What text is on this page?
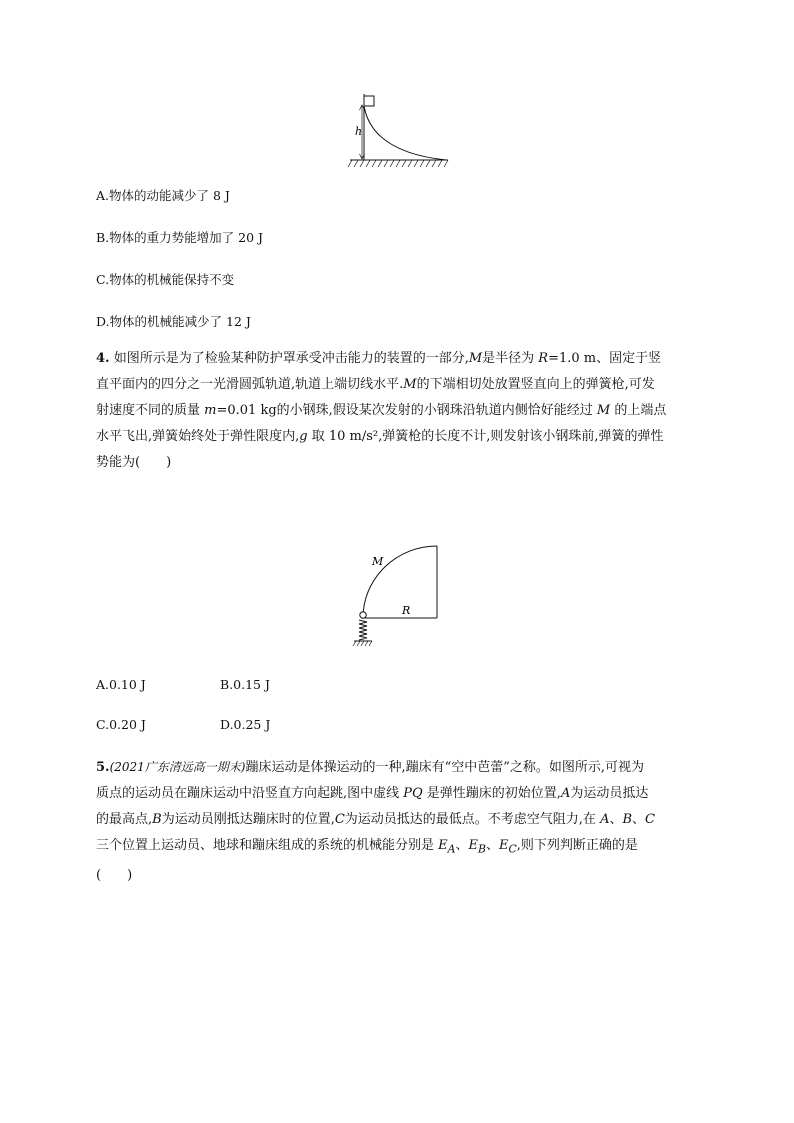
h
A.物体的动能减少了 8 J
B.物体的重力势能增加了 20 J
C.物体的机械能保持不变
D.物体的机械能减少了 12 J
4. 如图所示是为了检验某种防护罩承受冲击能力的装置的一部分,M是半径为 R=1.0 m、固定于竖
直平面内的四分之一光滑圆弧轨道,轨道上端切线水平.M的下端相切处放置竖直向上的弹簧枪,可发
射速度不同的质量 m=0.01 kg的小钢珠,假设某次发射的小钢珠沿轨道内侧恰好能经过 M 的上端点
水平飞出,弹簧始终处于弹性限度内,g 取 10 m/s²,弹簧枪的长度不计,则发射该小钢珠前,弹簧的弹性
势能为(　　)
M
R
A.0.10 J	B.0.15 J
C.0.20 J	D.0.25 J
5.(2021广东清远高一期末)蹦床运动是体操运动的一种,蹦床有“空中芭蕾”之称。如图所示,可视为
质点的运动员在蹦床运动中沿竖直方向起跳,图中虚线 PQ 是弹性蹦床的初始位置,A为运动员抵达
的最高点,B为运动员刚抵达蹦床时的位置,C为运动员抵达的最低点。不考虑空气阻力,在 A、B、C
三个位置上运动员、地球和蹦床组成的系统的机械能分别是 $E_A$、$E_B$、$E_C$,则下列判断正确的是
(　　)
